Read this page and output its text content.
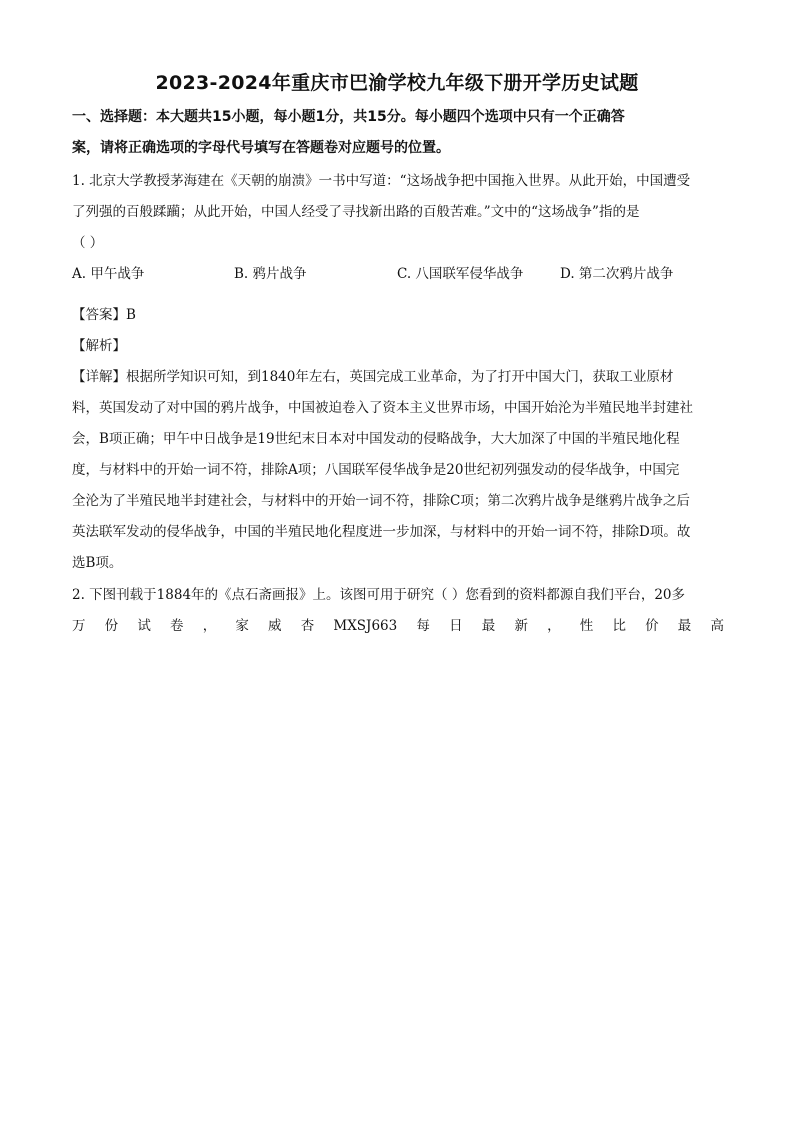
2023-2024年重庆市巴渝学校九年级下册开学历史试题
一、选择题：本大题共15小题，每小题1分，共15分。每小题四个选项中只有一个正确答
案，请将正确选项的字母代号填写在答题卷对应题号的位置。
1. 北京大学教授茅海建在《天朝的崩溃》一书中写道：“这场战争把中国拖入世界。从此开始，中国遭受
了列强的百般蹂躏；从此开始，中国人经受了寻找新出路的百般苦难。”文中的“这场战争”指的是
（ ）
A. 甲午战争	B. 鸦片战争	C. 八国联军侵华战争	D. 第二次鸦片战争
【答案】B
【解析】
【详解】根据所学知识可知，到1840年左右，英国完成工业革命，为了打开中国大门，获取工业原材
料，英国发动了对中国的鸦片战争，中国被迫卷入了资本主义世界市场，中国开始沦为半殖民地半封建社
会，B项正确；甲午中日战争是19世纪末日本对中国发动的侵略战争，大大加深了中国的半殖民地化程
度，与材料中的开始一词不符，排除A项；八国联军侵华战争是20世纪初列强发动的侵华战争，中国完
全沦为了半殖民地半封建社会，与材料中的开始一词不符，排除C项；第二次鸦片战争是继鸦片战争之后
英法联军发动的侵华战争，中国的半殖民地化程度进一步加深，与材料中的开始一词不符，排除D项。故
选B项。
2. 下图刊载于1884年的《点石斋画报》上。该图可用于研究（ ）您看到的资料都源自我们平台，20多
万 份 试 卷 ， 家 威 杏 MXSJ663 每 日 最 新 ， 性 比 价 最 高
